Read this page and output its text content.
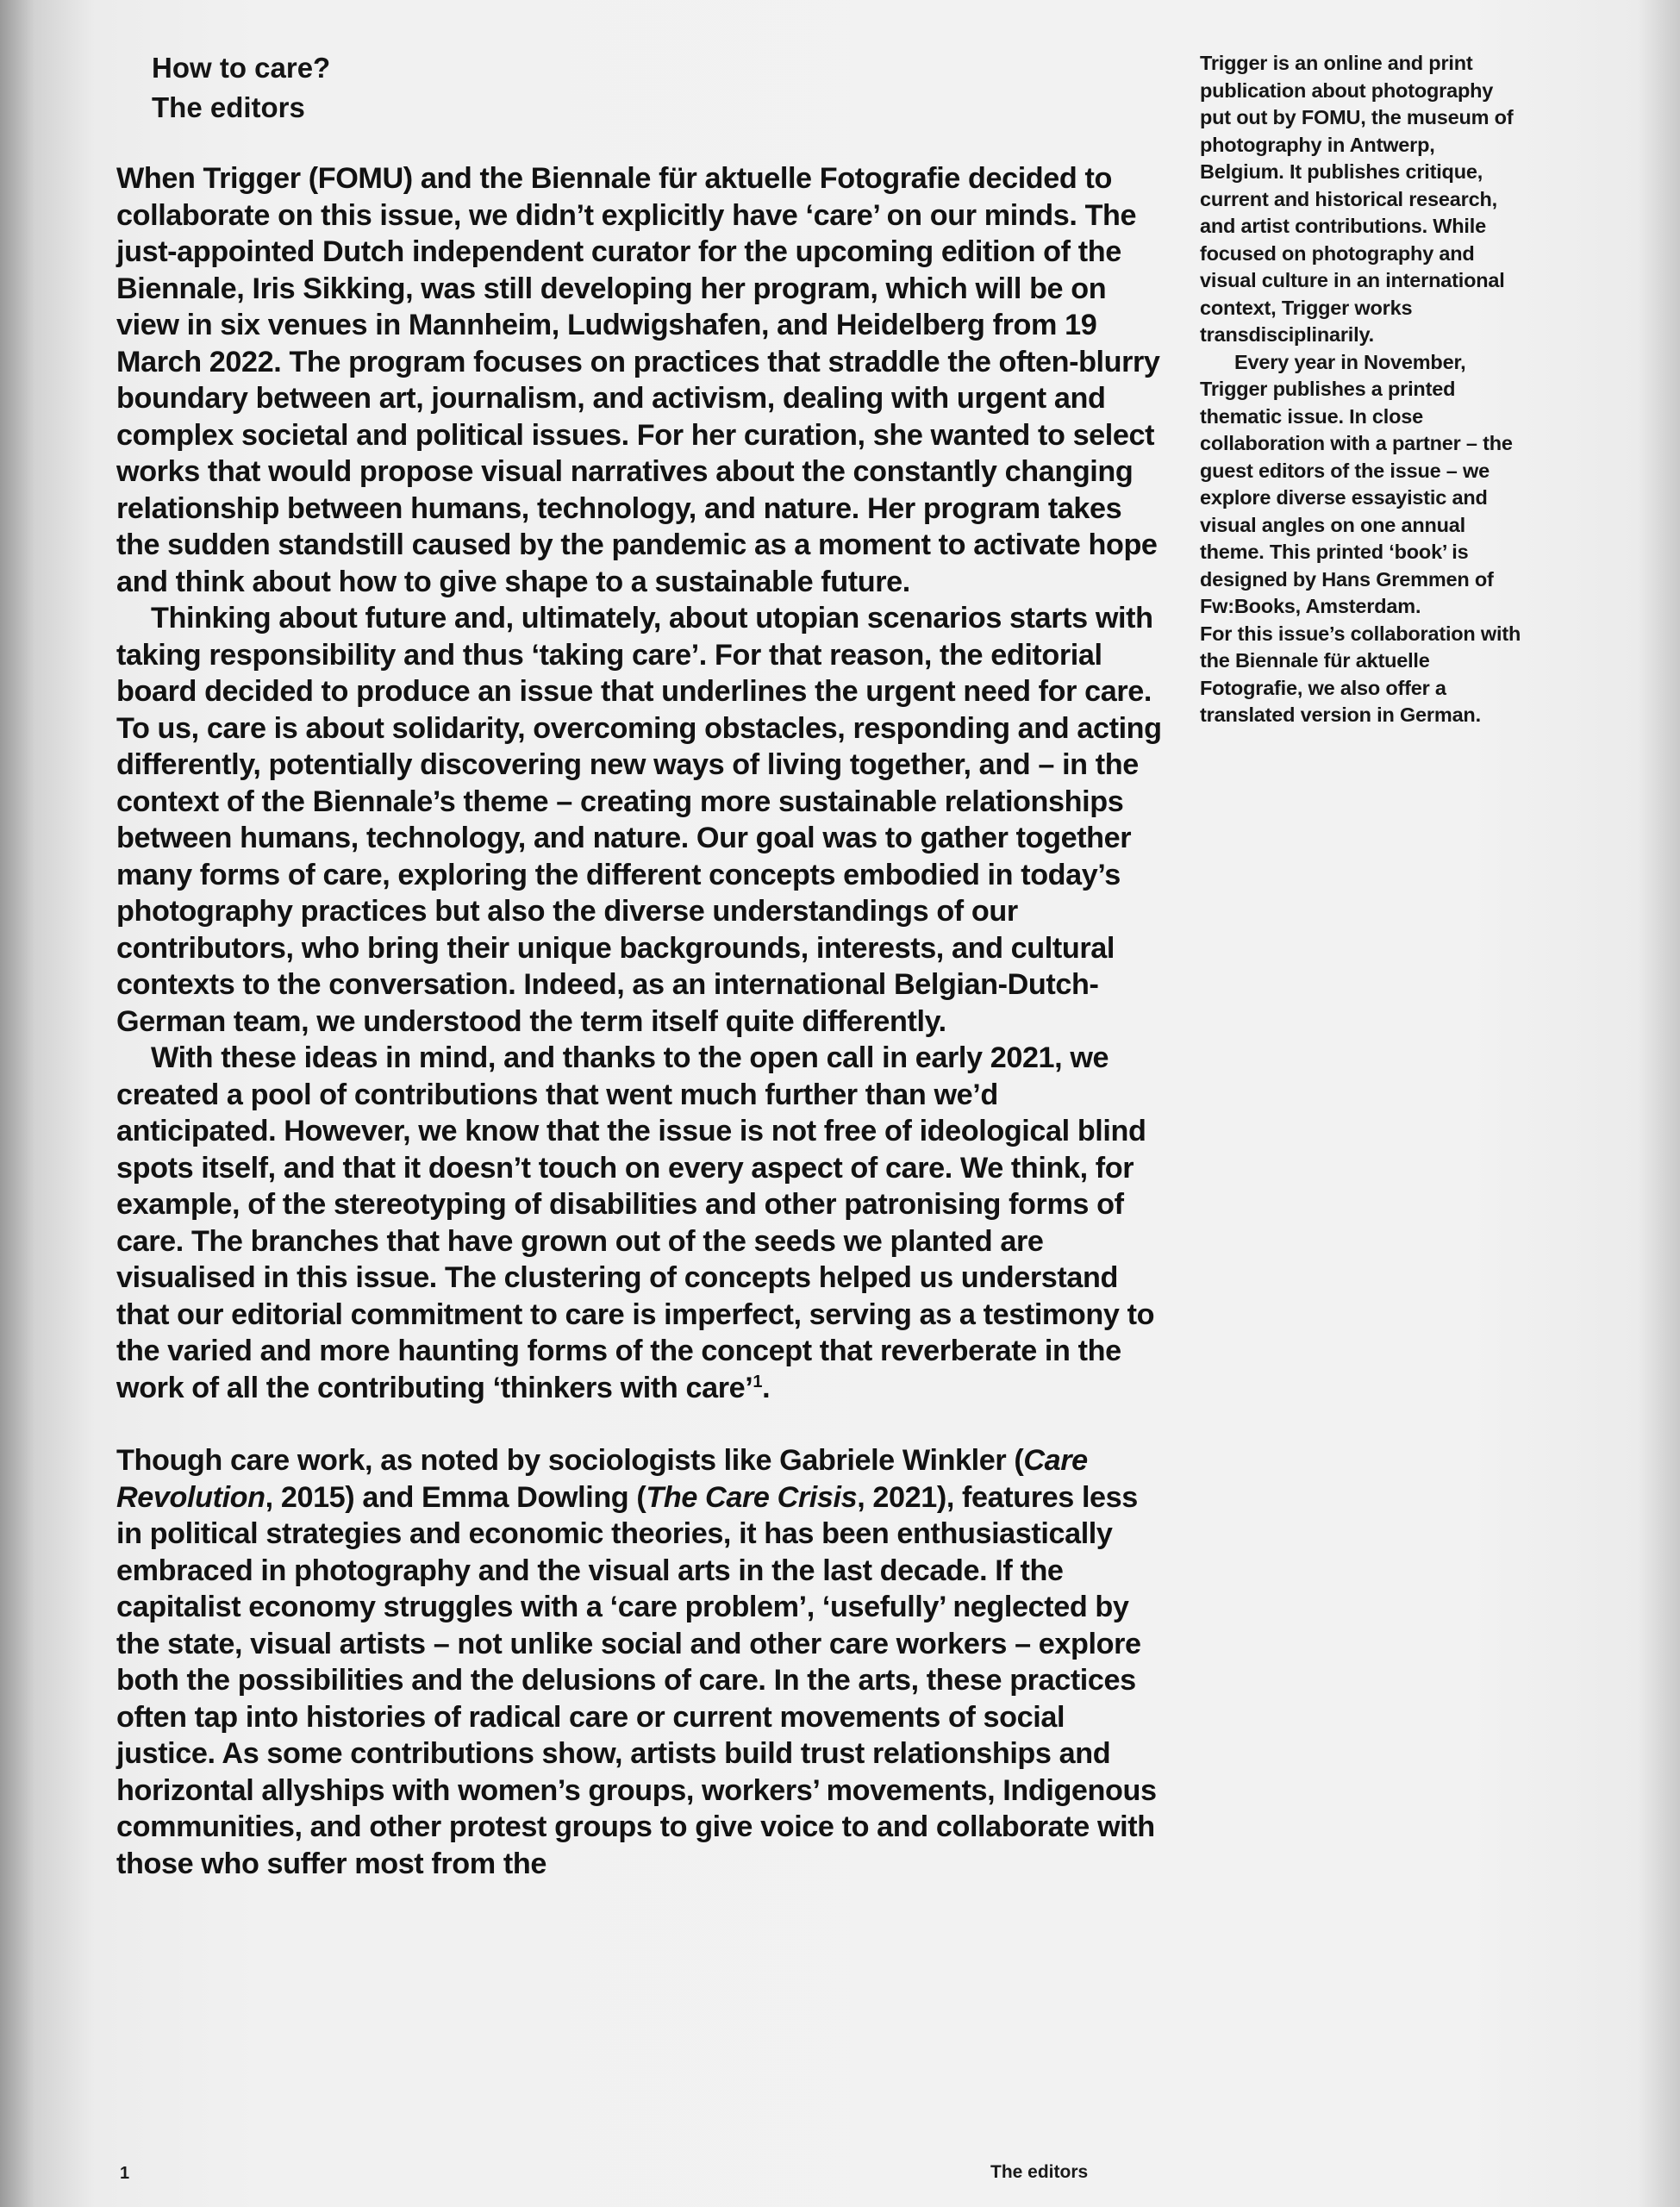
How to care?
The editors

When Trigger (FOMU) and the Biennale für aktuelle Fotografie decided to collaborate on this issue, we didn’t explicitly have ‘care’ on our minds. The just-appointed Dutch independent curator for the upcoming edition of the Biennale, Iris Sikking, was still developing her program, which will be on view in six venues in Mannheim, Ludwigshafen, and Heidelberg from 19 March 2022. The program focuses on practices that straddle the often-blurry boundary between art, journalism, and activism, dealing with urgent and complex societal and political issues. For her curation, she wanted to select works that would propose visual narratives about the constantly changing relationship between humans, technology, and nature. Her program takes the sudden standstill caused by the pandemic as a moment to activate hope and think about how to give shape to a sustainable future.

Thinking about future and, ultimately, about utopian scenarios starts with taking responsibility and thus ‘taking care’. For that reason, the editorial board decided to produce an issue that underlines the urgent need for care. To us, care is about solidarity, overcoming obstacles, responding and acting differently, potentially discovering new ways of living together, and – in the context of the Biennale’s theme – creating more sustainable relationships between humans, technology, and nature. Our goal was to gather together many forms of care, exploring the different concepts embodied in today’s photography practices but also the diverse understandings of our contributors, who bring their unique backgrounds, interests, and cultural contexts to the conversation. Indeed, as an international Belgian-Dutch-German team, we understood the term itself quite differently.

With these ideas in mind, and thanks to the open call in early 2021, we created a pool of contributions that went much further than we’d anticipated. However, we know that the issue is not free of ideological blind spots itself, and that it doesn’t touch on every aspect of care. We think, for example, of the stereotyping of disabilities and other patronising forms of care. The branches that have grown out of the seeds we planted are visualised in this issue. The clustering of concepts helped us understand that our editorial commitment to care is imperfect, serving as a testimony to the varied and more haunting forms of the concept that reverberate in the work of all the contributing ‘thinkers with care’$^1$.

Though care work, as noted by sociologists like Gabriele Winkler (Care Revolution, 2015) and Emma Dowling (The Care Crisis, 2021), features less in political strategies and economic theories, it has been enthusiastically embraced in photography and the visual arts in the last decade. If the capitalist economy struggles with a ‘care problem’, ‘usefully’ neglected by the state, visual artists – not unlike social and other care workers – explore both the possibilities and the delusions of care. In the arts, these practices often tap into histories of radical care or current movements of social justice. As some contributions show, artists build trust relationships and horizontal allyships with women’s groups, workers’ movements, Indigenous communities, and other protest groups to give voice to and collaborate with those who suffer most from the

Trigger is an online and print publication about photography put out by FOMU, the museum of photography in Antwerp, Belgium. It publishes critique, current and historical research, and artist contributions. While focused on photography and visual culture in an international context, Trigger works transdisciplinarily.

Every year in November, Trigger publishes a printed thematic issue. In close collaboration with a partner – the guest editors of the issue – we explore diverse essayistic and visual angles on one annual theme. This printed ‘book’ is designed by Hans Gremmen of Fw:Books, Amsterdam.

For this issue’s collaboration with the Biennale für aktuelle Fotografie, we also offer a translated version in German.

1	The editors
